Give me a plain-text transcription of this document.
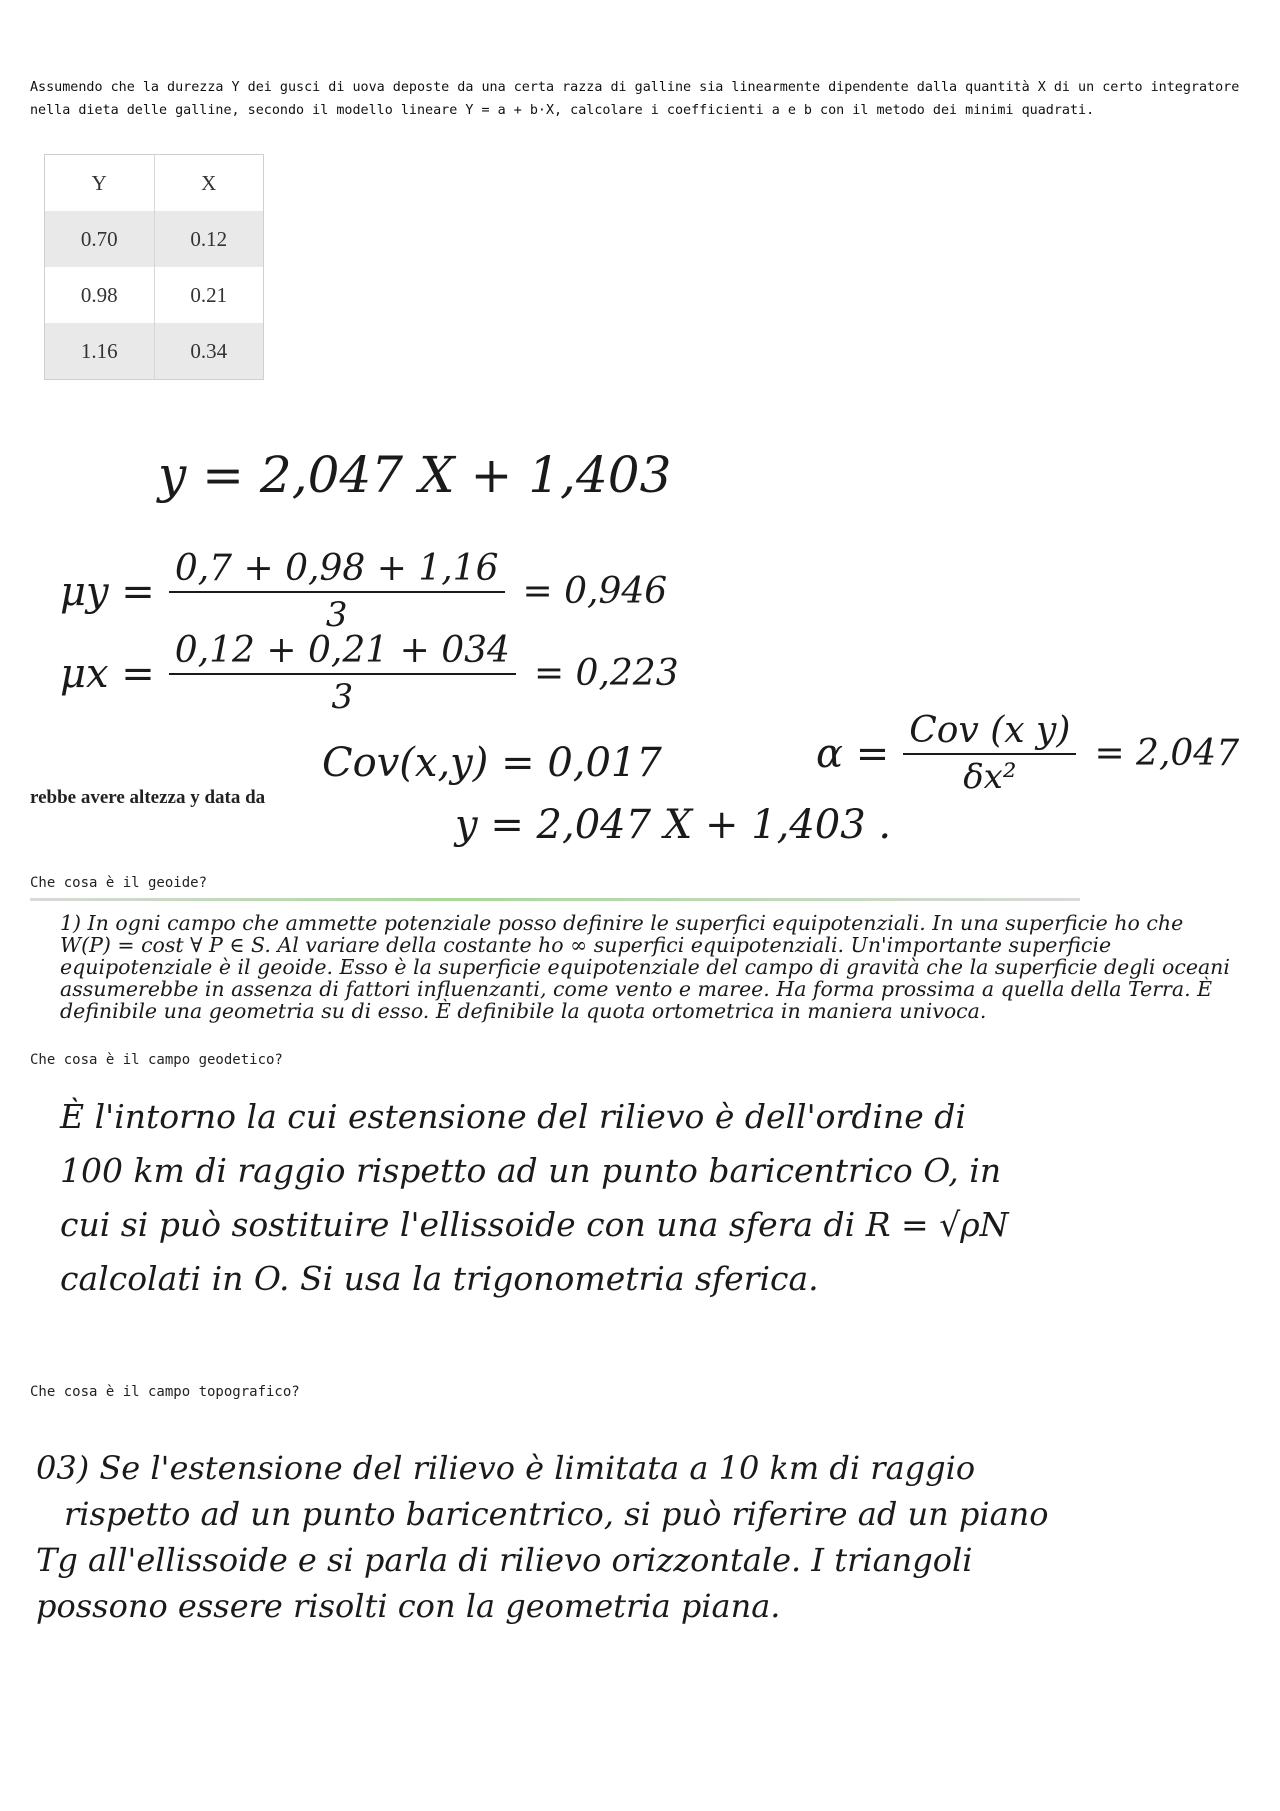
Assumendo che la durezza Y dei gusci di uova deposte da una certa razza di galline sia linearmente dipendente dalla quantità X di un certo integratore nella dieta delle galline, secondo il modello lineare Y = a + b·X, calcolare i coefficienti a e b con il metodo dei minimi quadrati.
Y	X
0.70	0.12
0.98	0.21
1.16	0.34
y = 2,047 X + 1,403
$\mu y = \frac{0,7 + 0,98 + 1,16}{3} = 0,946$
$\mu x = \frac{0,12 + 0,21 + 034}{3} = 0,223$
Cov(x,y) = 0,017	$\alpha = \frac{\text{Cov (x y)}}{\text{δx²}} = 2,047$
rebbe avere altezza y data da
y = 2,047 X + 1,403 .
Che cosa è il geoide?
1) In ogni campo che ammette potenziale posso definire le superfici equipotenziali. In una superficie ho che W(P) = cost ∀ P ∈ S. Al variare della costante ho ∞ superfici equipotenziali. Un'importante superficie equipotenziale è il geoide. Esso è la superficie equipotenziale del campo di gravità che la superficie degli oceani assumerebbe in assenza di fattori influenzanti, come vento e maree. Ha forma prossima a quella della Terra. È definibile una geometria su di esso. È definibile la quota ortometrica in maniera univoca.
Che cosa è il campo geodetico?
È l'intorno la cui estensione del rilievo è dell'ordine di
100 km di raggio rispetto ad un punto baricentrico O, in
cui si può sostituire l'ellissoide con una sfera di R = √ρN
calcolati in O. Si usa la trigonometria sferica.
Che cosa è il campo topografico?
03) Se l'estensione del rilievo è limitata a 10 km di raggio
rispetto ad un punto baricentrico, si può riferire ad un piano
Tg all'ellissoide e si parla di rilievo orizzontale. I triangoli
possono essere risolti con la geometria piana.
